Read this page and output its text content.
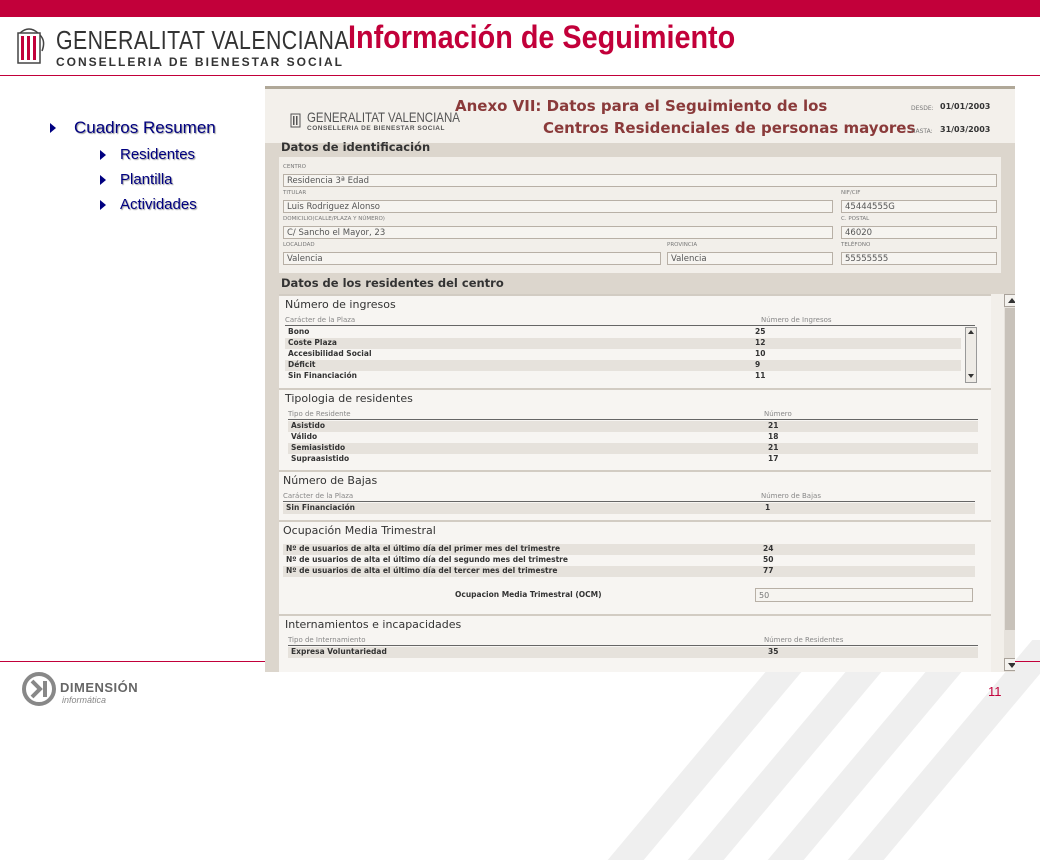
GENERALITAT VALENCIANA
CONSELLERIA DE BIENESTAR SOCIAL
Información de Seguimiento
Cuadros Resumen
Residentes
Plantilla
Actividades
GENERALITAT VALENCIANA
CONSELLERIA DE BIENESTAR SOCIAL
Anexo VII: Datos para el Seguimiento de los
Centros Residenciales de personas mayores
DESDE: 01/01/2003
HASTA: 31/03/2003
Datos de identificación
CENTRO
Residencia 3ª Edad
TITULAR
Luis Rodriguez Alonso
NIF/CIF
45444555G
DOMICILIO(CALLE/PLAZA Y NÚMERO)
C/ Sancho el Mayor, 23
C. POSTAL
46020
LOCALIDAD
Valencia
PROVINCIA
Valencia
TELÉFONO
55555555
Datos de los residentes del centro
Número de ingresos
Carácter de la Plaza	Número de Ingresos
Bono	25
Coste Plaza	12
Accesibilidad Social	10
Déficit	9
Sin Financiación	11
Tipologia de residentes
Tipo de Residente	Número
Asistido	21
Válido	18
Semiasistido	21
Supraasistido	17
Número de Bajas
Carácter de la Plaza	Número de Bajas
Sin Financiación	1
Ocupación Media Trimestral
Nº de usuarios de alta el último día del primer mes del trimestre	24
Nº de usuarios de alta el último día del segundo mes del trimestre	50
Nº de usuarios de alta el último día del tercer mes del trimestre	77
Ocupacion Media Trimestral (OCM)	50
Internamientos e incapacidades
Tipo de Internamiento	Número de Residentes
Expresa Voluntariedad	35
DIMENSIÓN
informática
11
